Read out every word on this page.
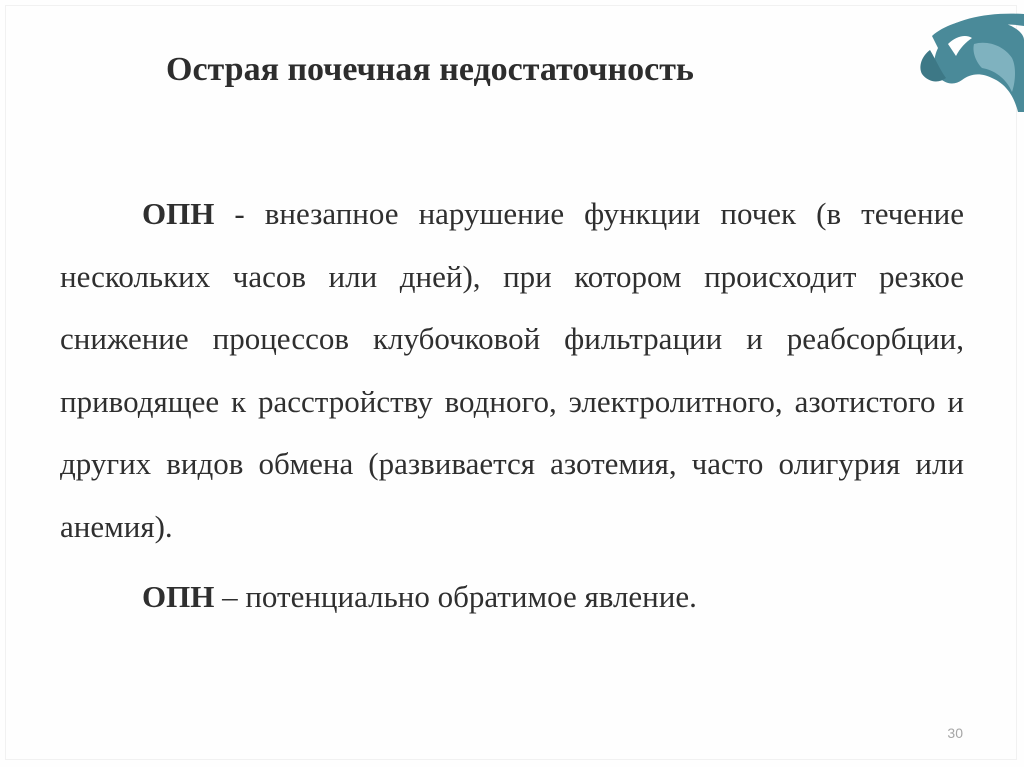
Острая почечная недостаточность

ОПН - внезапное нарушение функции почек (в течение нескольких часов или дней), при котором происходит резкое снижение процессов клубочковой фильтрации и реабсорбции, приводящее к расстройству водного, электролитного, азотистого и других видов обмена (развивается азотемия, часто олигурия или анемия).

ОПН – потенциально обратимое явление.

30
